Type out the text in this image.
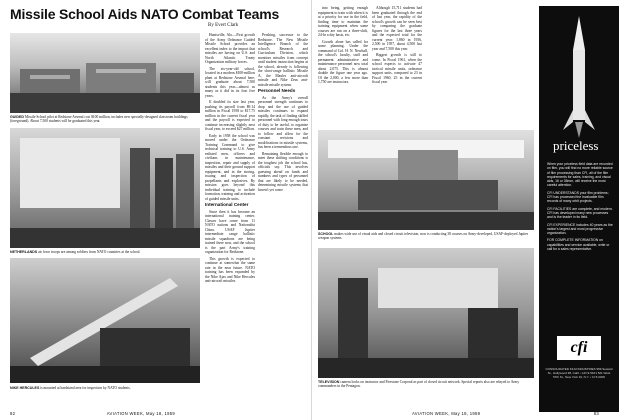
Missile School Aids NATO Combat Teams
By Evert Clark
GUIDED Missile School pilot at Redstone Arsenal cost $100 million, includes new specially-designed classroom buildings (foreground). About 7,500 students will be graduated this year.
NETHERLANDS air force troops are among soldiers from NATO countries at the school.
NIKE HERCULES is mounted at hardstand area for inspection by NATO students.

Huntsville, Ala.—First growth of the Army Ordnance Guided Missile School provides an excellent index to the impact that missiles are having on U.S. and North Atlantic Treaty Organization military forces.

The six-year-old school, located in a modern $100-million plant at Redstone Arsenal here, will graduate about 7,500 students this year—almost as many as it did in its first five years.

If doubled its size last year, pushing its payroll from $9.14 million in Fiscal 1958 to $17.75 million in the current fiscal year and the payroll is expected to continue increasing slightly next fiscal year, to exceed $27 million.

Early in 1958 the school was moved under the Ordnance Training Command to give technical training to U.S. Army enlisted men, officers and civilians in maintenance, inspection, repair and supply of missiles and their ground support equipment, and in the storing, issuing and inspection of propellants and explosives. By mission goes beyond this individual training to include formation, training and activation of guided missile units.

International Center

Since then it has become an international training center. Classes have come from 11 NATO nations and Nationalist China. USAF Jupiter intermediate range ballistic missile squadrons are being trained there now, and the school is the part Army's training organization for Redstone.

This growth is expected to continue at somewhat the same rate in the near future. NATO training has been expanded by the Nike Ajax and Nike Hercules anti-aircraft missiles.

Pershing, successor to the Redstone. The New Missile Intelligence Branch of the school's Research and Curriculum Division, which monitors missiles from concept until student instruction begins at the school, already is following the short-range ballistic Missile A, the Mauler anti-aircraft missile and Nike Zeus anti-missile missile system.

Personnel Needs

As the Army's overall personnel strength continues to drop and the use of guided missiles continues to expand rapidly, the task of finding skilled personnel with long enough tours of duty to be useful, to organize courses and train these men, and to follow and allow for the constant revisions and modifications in missile systems, has been a tremendous one.

Remaining flexible enough to meet these shifting conditions is the toughest job the school has, officials say. This involves guessing ahead on funds and numbers and types of personnel that are likely to be needed, determining missile systems that haven't yet come

82	AVIATION WEEK, May 18, 1959

into being, getting enough equipment to train with when it is at a priority for use in the field, finding time to maintain the training equipment when some courses are run on a three-shift, 24-hr a day basis, etc.

Growth alone has called for some planning. Under the command of Col. H. N. Newhall, the school's faculty, staff and permanent administrative and maintenance personnel now total about 2,075. This is almost double the figure one year ago. Of the 2,000, a few more than 1,750 are instructors.

Although 15,711 students had been graduated through the end of last year, the rapidity of the school's growth can be seen best by comparing the graduate figures for the last three years and the expected total for the current year: 1,860 in 1956, 2,500 in 1957, about 4,500 last year and 7,500 this year.

Biggest growth is still to come. In Fiscal 1961, when the school expects to activate 47 tactical missile units, ordnance support units, compared to 23 in Fiscal 1960, 25 in the current fiscal year

SCHOOL makes wide use of visual aids and closed circuit television, now is conducting 38 courses on Army-developed, USAF-deployed Jupiter weapon systems.
TELEVISION camera looks on instructor and Firestone Corporal as part of closed circuit network. Special reports also are relayed to Army commanders in the Pentagon.
priceless

When your priceless field data are recorded on film, you will find no more reliable source of film processing than CFI, all of the film requirements for sales, training, and visual aids, 16 or 35mm, will receive the most careful attention.

CFI UNDERSTANDS your film problems; CFI has processed the invaluable film records of many orbit projects.

CFI FACILITIES are complete, and modern. CFI has developed many new processes and is the leader in its field.

CFI EXPERIENCE includes 40 years as the nation's largest and most progressive organization.

FOR COMPLETE INFORMATION on capabilities and service available, write or call for a sales representative.

cfi
CONSOLIDATED FILM INDUSTRIES 959 Seward St., Hollywood 38, Calif. • HO 9-5161 521 West 57th St., New York 19, N.Y. • CI 5-0300
AVIATION WEEK, May 18, 1959	83
